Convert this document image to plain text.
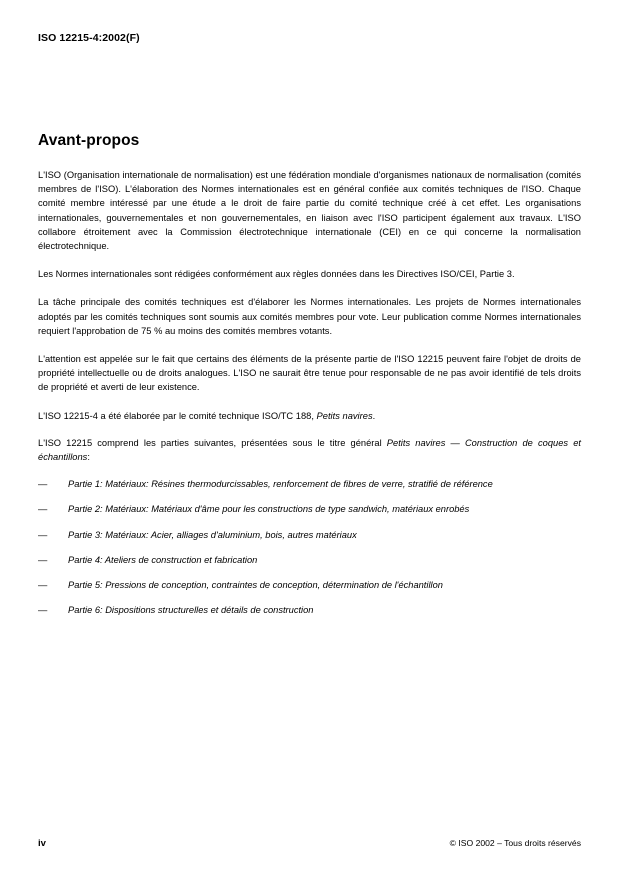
ISO 12215-4:2002(F)
Avant-propos

L'ISO (Organisation internationale de normalisation) est une fédération mondiale d'organismes nationaux de normalisation (comités membres de l'ISO). L'élaboration des Normes internationales est en général confiée aux comités techniques de l'ISO. Chaque comité membre intéressé par une étude a le droit de faire partie du comité technique créé à cet effet. Les organisations internationales, gouvernementales et non gouvernementales, en liaison avec l'ISO participent également aux travaux. L'ISO collabore étroitement avec la Commission électrotechnique internationale (CEI) en ce qui concerne la normalisation électrotechnique.

Les Normes internationales sont rédigées conformément aux règles données dans les Directives ISO/CEI, Partie 3.

La tâche principale des comités techniques est d'élaborer les Normes internationales. Les projets de Normes internationales adoptés par les comités techniques sont soumis aux comités membres pour vote. Leur publication comme Normes internationales requiert l'approbation de 75 % au moins des comités membres votants.

L'attention est appelée sur le fait que certains des éléments de la présente partie de l'ISO 12215 peuvent faire l'objet de droits de propriété intellectuelle ou de droits analogues. L'ISO ne saurait être tenue pour responsable de ne pas avoir identifié de tels droits de propriété et averti de leur existence.

L'ISO 12215-4 a été élaborée par le comité technique ISO/TC 188, Petits navires.

L'ISO 12215 comprend les parties suivantes, présentées sous le titre général Petits navires — Construction de coques et échantillons:

— Partie 1: Matériaux: Résines thermodurcissables, renforcement de fibres de verre, stratifié de référence
— Partie 2: Matériaux: Matériaux d'âme pour les constructions de type sandwich, matériaux enrobés
— Partie 3: Matériaux: Acier, alliages d'aluminium, bois, autres matériaux
— Partie 4: Ateliers de construction et fabrication
— Partie 5: Pressions de conception, contraintes de conception, détermination de l'échantillon
— Partie 6: Dispositions structurelles et détails de construction
iv	© ISO 2002 – Tous droits réservés
